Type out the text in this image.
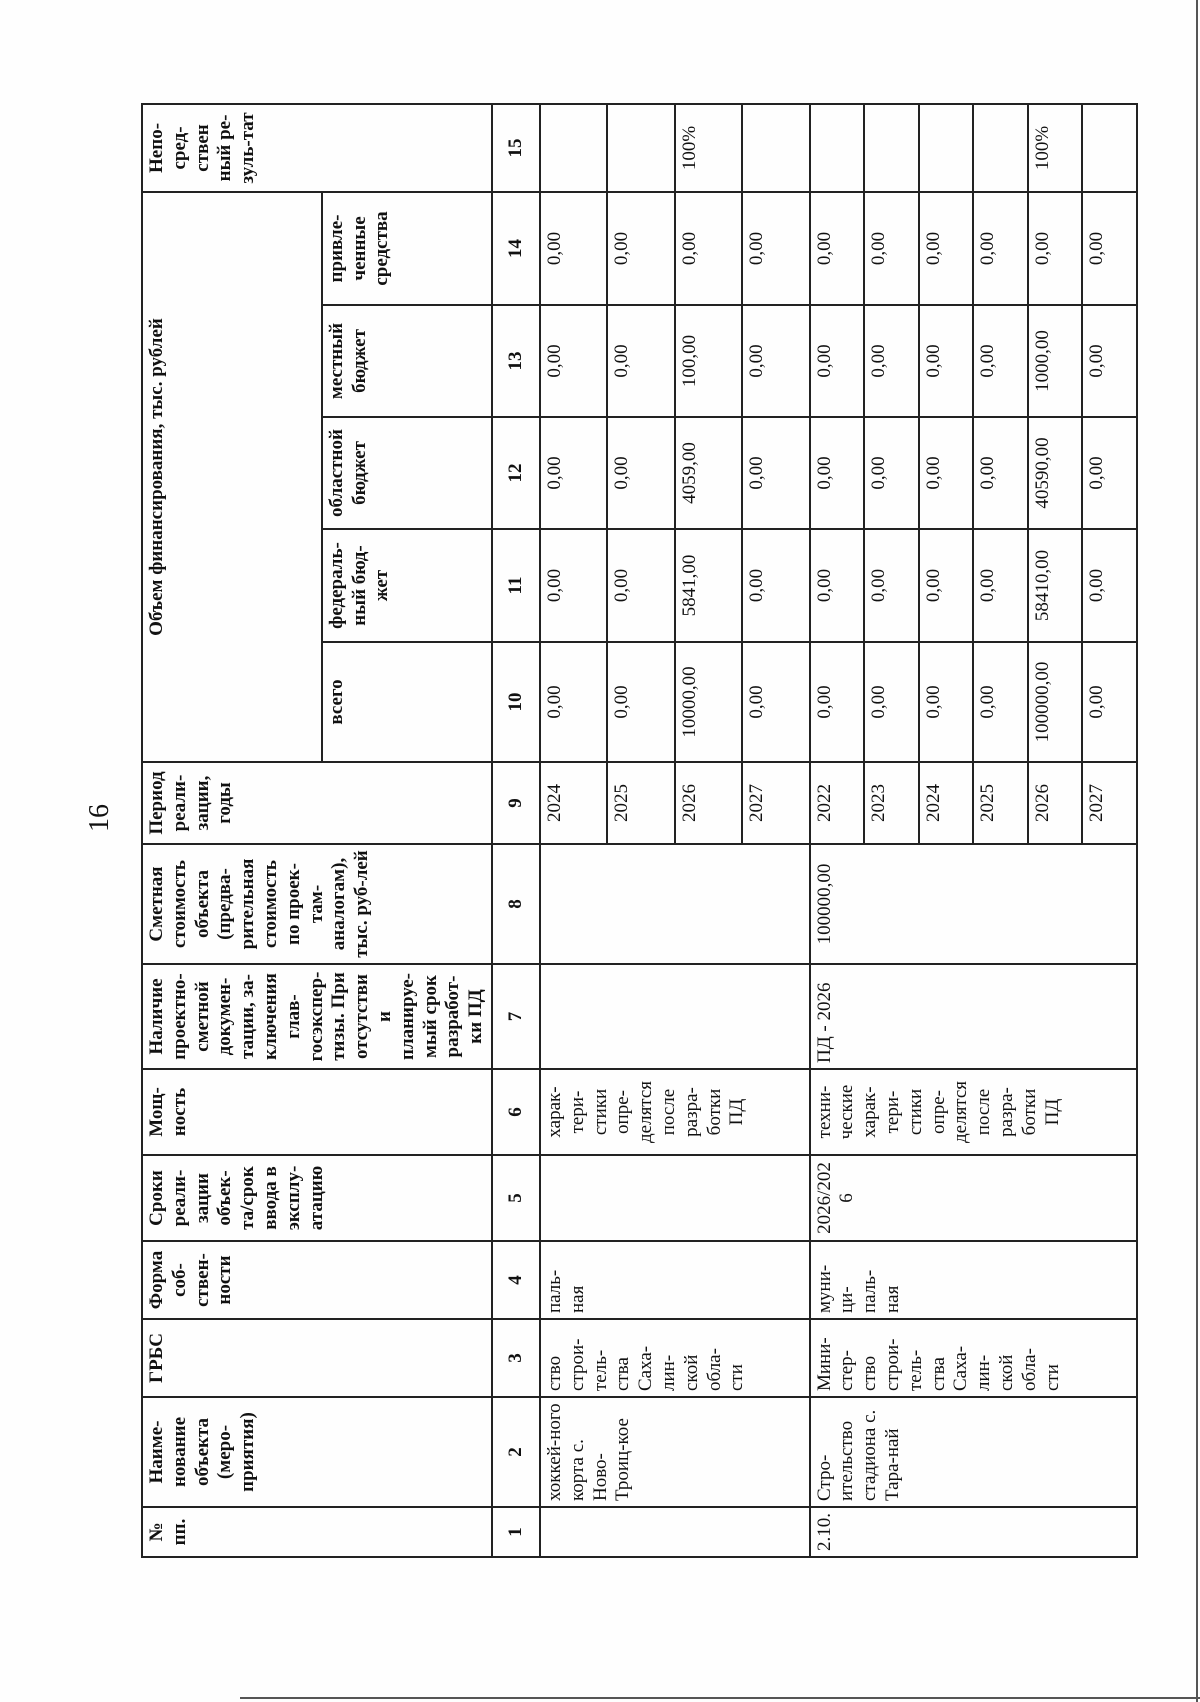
16
№ пп.	Наиме-нование объекта (меро-приятия)	ГРБС	Форма соб-ствен-ности	Сроки реали-зации объек-та/срок ввода в эксплу-атацию	Мощ-ность	Наличие проектно-сметной докумен-тации, за-ключения глав-госэкспер-тизы. При отсутствии планируе-мый срок разработ-ки ПД	Сметная стоимость объекта (предва-рительная стоимость по проек-там-аналогам), тыс. руб-лей	Период реали-зации, годы	Объем финансирования, тыс. рублей					Непо-сред-ствен ный ре-зуль-тат
									всего	федераль-ный бюд-жет	областной бюджет	местный бюджет	привле-ченные средства	
1	2	3	4	5	6	7	8	9	10	11	12	13	14	15
	хоккей-ного корта с. Ново-Троиц-кое	ство строи-тель-ства Саха-лин-ской обла-сти	паль-ная		харак-тери-стики опре-делятся после разра-ботки ПД			2024	0,00	0,00	0,00	0,00	0,00	
								2025	0,00	0,00	0,00	0,00	0,00	
								2026	10000,00	5841,00	4059,00	100,00	0,00	100%
								2027	0,00	0,00	0,00	0,00	0,00	
2.10.	Стро-ительство стадиона с. Тара-най	Мини-стер-ство строи-тель-ства Саха-лин-ской обла-сти	муни-ци-паль-ная	2026/2026	техни-ческие харак-тери-стики опре-делятся после разра-ботки ПД	ПД - 2026	100000,00	2022	0,00	0,00	0,00	0,00	0,00	
								2023	0,00	0,00	0,00	0,00	0,00	
								2024	0,00	0,00	0,00	0,00	0,00	
								2025	0,00	0,00	0,00	0,00	0,00	
								2026	100000,00	58410,00	40590,00	1000,00	0,00	100%
								2027	0,00	0,00	0,00	0,00	0,00	
